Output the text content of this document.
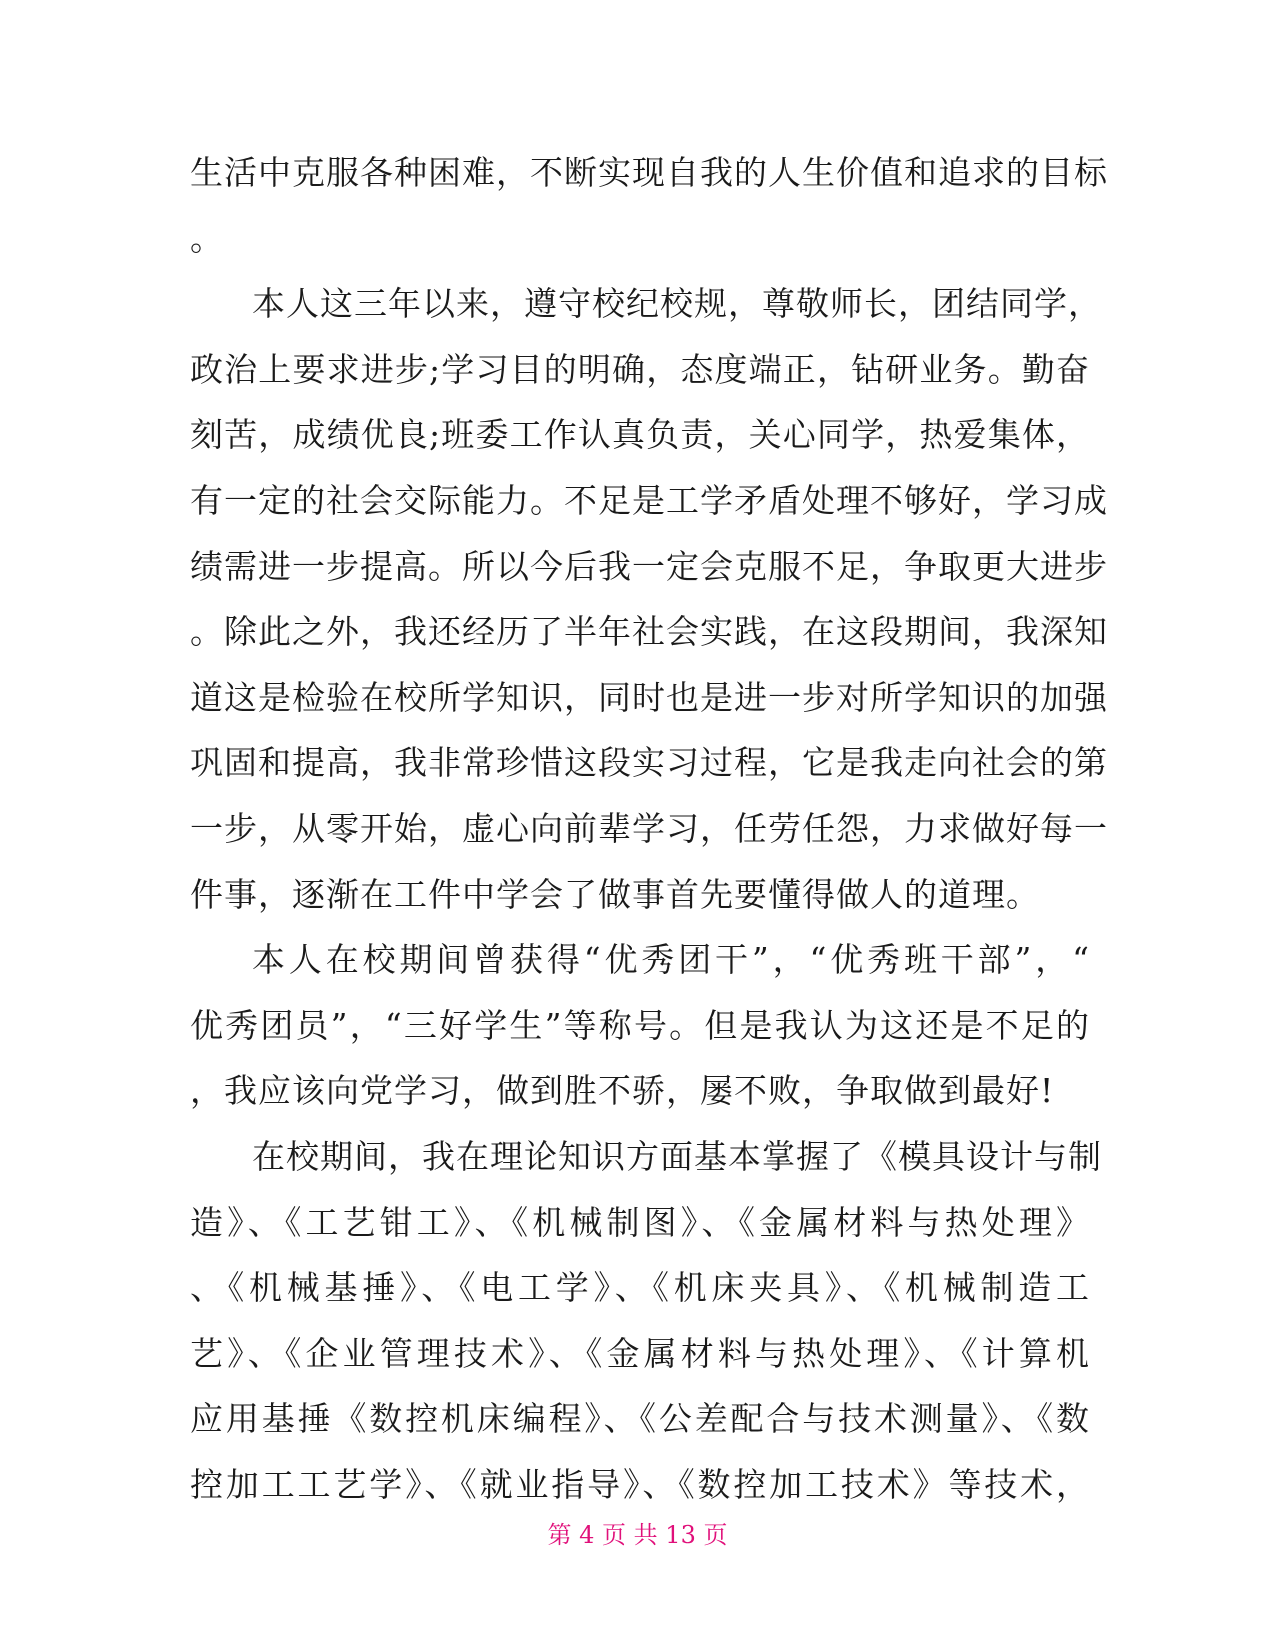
生活中克服各种困难，不断实现自我的人生价值和追求的目标
。
本人这三年以来，遵守校纪校规，尊敬师长，团结同学，
政治上要求进步;学习目的明确，态度端正，钻研业务。勤奋
刻苦，成绩优良;班委工作认真负责，关心同学，热爱集体，
有一定的社会交际能力。不足是工学矛盾处理不够好，学习成
绩需进一步提高。所以今后我一定会克服不足，争取更大进步
。除此之外，我还经历了半年社会实践，在这段期间，我深知
道这是检验在校所学知识，同时也是进一步对所学知识的加强
巩固和提高，我非常珍惜这段实习过程，它是我走向社会的第
一步，从零开始，虚心向前辈学习，任劳任怨，力求做好每一
件事，逐渐在工件中学会了做事首先要懂得做人的道理。
本人在校期间曾获得“优秀团干”，“优秀班干部”，“
优秀团员”，“三好学生”等称号。但是我认为这还是不足的
，我应该向党学习，做到胜不骄，屡不败，争取做到最好!
在校期间，我在理论知识方面基本掌握了《模具设计与制
造》、《工艺钳工》、《机械制图》、《金属材料与热处理》
、《机械基捶》、《电工学》、《机床夹具》、《机械制造工
艺》、《企业管理技术》、《金属材料与热处理》、《计算机
应用基捶《数控机床编程》、《公差配合与技术测量》、《数
控加工工艺学》、《就业指导》、《数控加工技术》等技术，
第 4 页 共 13 页
